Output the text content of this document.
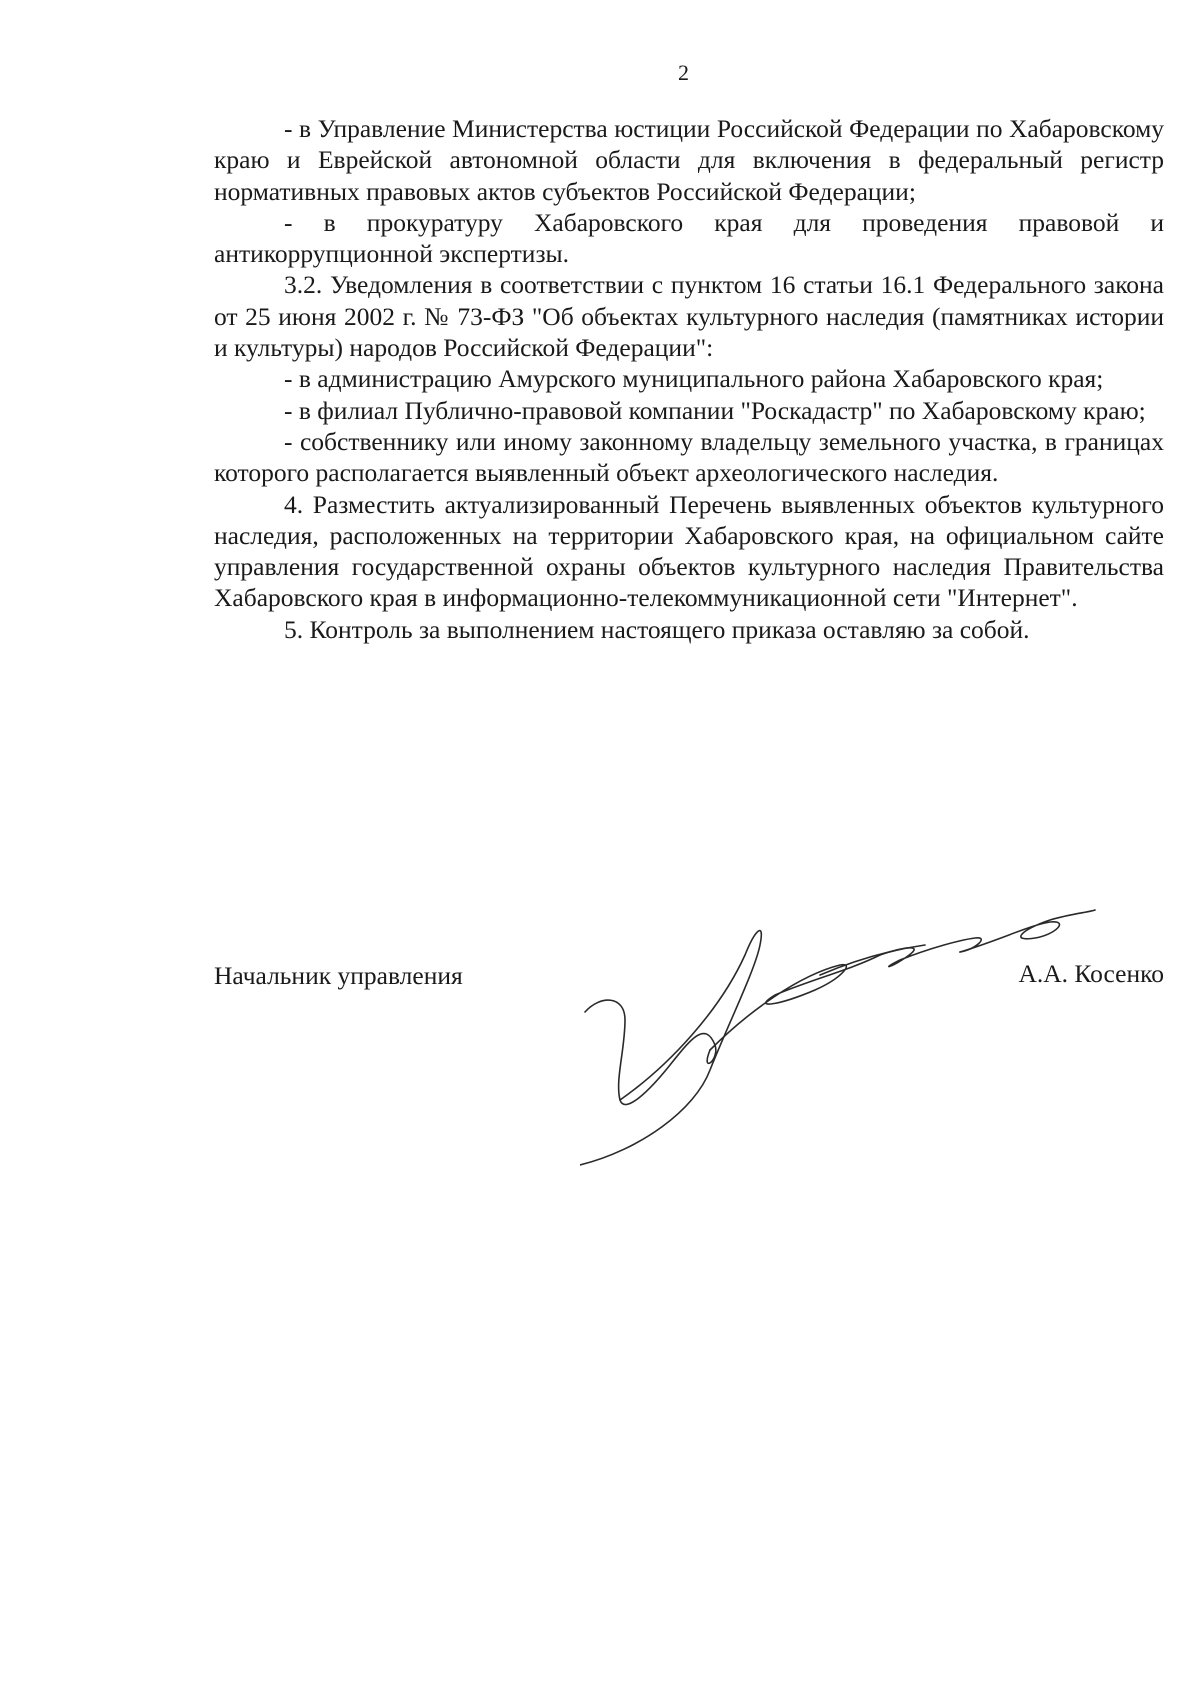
2

- в Управление Министерства юстиции Российской Федерации по Хабаровскому краю и Еврейской автономной области для включения в федеральный регистр нормативных правовых актов субъектов Российской Федерации;

- в прокуратуру Хабаровского края для проведения правовой и антикоррупционной экспертизы.

3.2. Уведомления в соответствии с пунктом 16 статьи 16.1 Федерального закона от 25 июня 2002 г. № 73-ФЗ "Об объектах культурного наследия (памятниках истории и культуры) народов Российской Федерации":

- в администрацию Амурского муниципального района Хабаровского края;

- в филиал Публично-правовой компании "Роскадастр" по Хабаровскому краю;

- собственнику или иному законному владельцу земельного участка, в границах которого располагается выявленный объект археологического наследия.

4. Разместить актуализированный Перечень выявленных объектов культурного наследия, расположенных на территории Хабаровского края, на официальном сайте управления государственной охраны объектов культурного наследия Правительства Хабаровского края в информационно-телекоммуникационной сети "Интернет".

5. Контроль за выполнением настоящего приказа оставляю за собой.

Начальник управления	А.А. Косенко
